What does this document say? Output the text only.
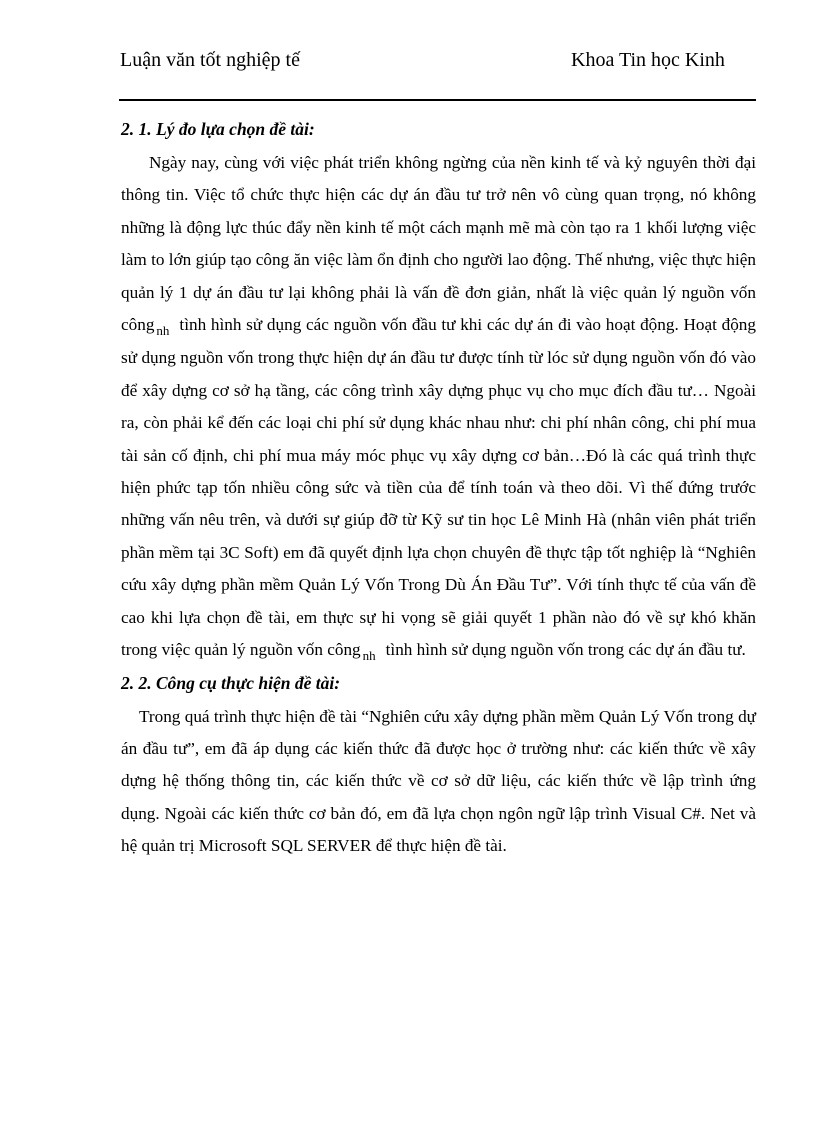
Luận văn tốt nghiệp tế	Khoa Tin học Kinh
2. 1. Lý đo lựa chọn đề tài:

Ngày nay, cùng với việc phát triển không ngừng của nền kinh tế và kỷ nguyên thời đại thông tin. Việc tổ chức thực hiện các dự án đầu tư trở nên vô cùng quan trọng, nó không những là động lực thúc đẩy nền kinh tế một cách mạnh mẽ mà còn tạo ra 1 khối lượng việc làm to lớn giúp tạo công ăn việc làm ổn định cho người lao động. Thế nhưng, việc thực hiện quản lý 1 dự án đầu tư lại không phải là vấn đề đơn giản, nhất là việc quản lý nguồn vốn công $_{nh}$ tình hình sử dụng các nguồn vốn đầu tư khi các dự án đi vào hoạt động. Hoạt động sử dụng nguồn vốn trong thực hiện dự án đầu tư được tính từ lóc sử dụng nguồn vốn đó vào để xây dựng cơ sở hạ tầng, các công trình xây dựng phục vụ cho mục đích đầu tư… Ngoài ra, còn phải kể đến các loại chi phí sử dụng khác nhau như: chi phí nhân công, chi phí mua tài sản cố định, chi phí mua máy móc phục vụ xây dựng cơ bản…Đó là các quá trình thực hiện phức tạp tốn nhiều công sức và tiền của để tính toán và theo dõi. Vì thế đứng trước những vấn nêu trên, và dưới sự giúp đỡ từ Kỹ sư tin học Lê Minh Hà (nhân viên phát triển phần mềm tại 3C Soft) em đã quyết định lựa chọn chuyên đề thực tập tốt nghiệp là “Nghiên cứu xây dựng phần mềm Quản Lý Vốn Trong Dù Án Đầu Tư”. Với tính thực tế của vấn đề cao khi lựa chọn đề tài, em thực sự hi vọng sẽ giải quyết 1 phần nào đó về sự khó khăn trong việc quản lý nguồn vốn công $_{nh}$ tình hình sử dụng nguồn vốn trong các dự án đầu tư.

2. 2. Công cụ thực hiện đề tài:

Trong quá trình thực hiện đề tài “Nghiên cứu xây dựng phần mềm Quản Lý Vốn trong dự án đầu tư”, em đã áp dụng các kiến thức đã được học ở trường như: các kiến thức về xây dựng hệ thống thông tin, các kiến thức về cơ sở dữ liệu, các kiến thức về lập trình ứng dụng. Ngoài các kiến thức cơ bản đó, em đã lựa chọn ngôn ngữ lập trình Visual C#. Net và hệ quản trị Microsoft SQL SERVER để thực hiện đề tài.
